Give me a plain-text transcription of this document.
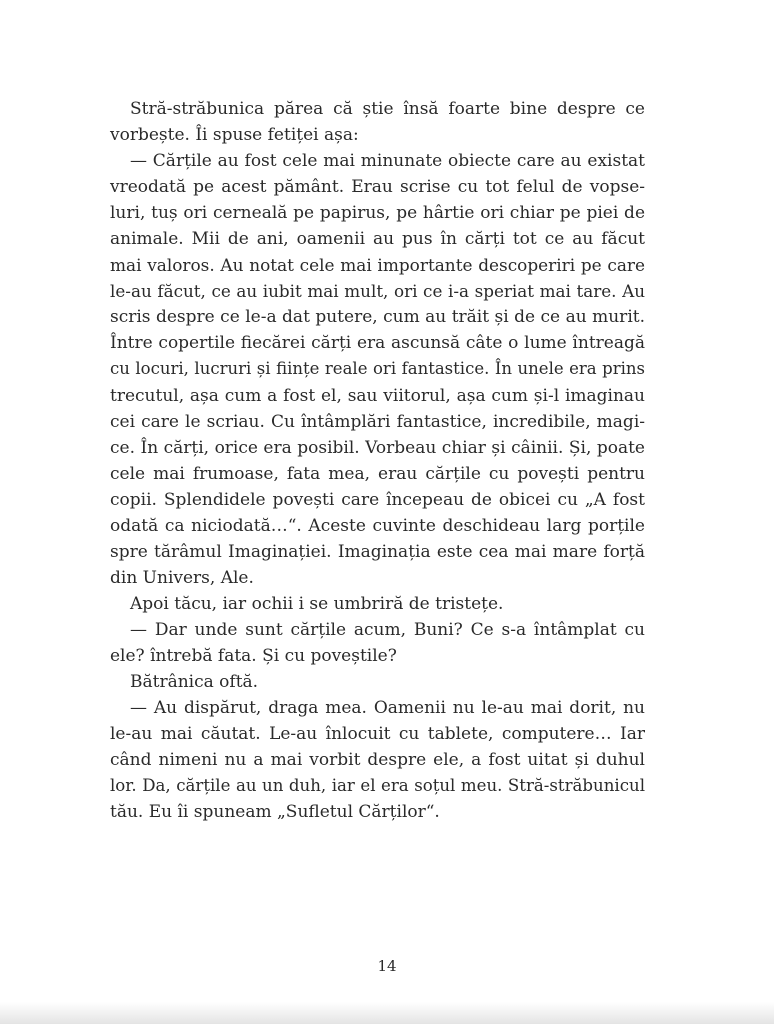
Stră-străbunica părea că știe însă foarte bine despre ce
vorbește. Îi spuse fetiței așa:
— Cărțile au fost cele mai minunate obiecte care au existat
vreodată pe acest pământ. Erau scrise cu tot felul de vopse-
luri, tuș ori cerneală pe papirus, pe hârtie ori chiar pe piei de
animale. Mii de ani, oamenii au pus în cărți tot ce au făcut
mai valoros. Au notat cele mai importante descoperiri pe care
le-au făcut, ce au iubit mai mult, ori ce i-a speriat mai tare. Au
scris despre ce le-a dat putere, cum au trăit și de ce au murit.
Între copertile fiecărei cărți era ascunsă câte o lume întreagă
cu locuri, lucruri și ființe reale ori fantastice. În unele era prins
trecutul, așa cum a fost el, sau viitorul, așa cum și-l imaginau
cei care le scriau. Cu întâmplări fantastice, incredibile, magi-
ce. În cărți, orice era posibil. Vorbeau chiar și câinii. Și, poate
cele mai frumoase, fata mea, erau cărțile cu povești pentru
copii. Splendidele povești care începeau de obicei cu „A fost
odată ca niciodată…“. Aceste cuvinte deschideau larg porțile
spre tărâmul Imaginației. Imaginația este cea mai mare forță
din Univers, Ale.
Apoi tăcu, iar ochii i se umbriră de tristețe.
— Dar unde sunt cărțile acum, Buni? Ce s-a întâmplat cu
ele? întrebă fata. Și cu poveștile?
Bătrânica oftă.
— Au dispărut, draga mea. Oamenii nu le-au mai dorit, nu
le-au mai căutat. Le-au înlocuit cu tablete, computere… Iar
când nimeni nu a mai vorbit despre ele, a fost uitat și duhul
lor. Da, cărțile au un duh, iar el era soțul meu. Stră-străbunicul
tău. Eu îi spuneam „Sufletul Cărților“.
14
